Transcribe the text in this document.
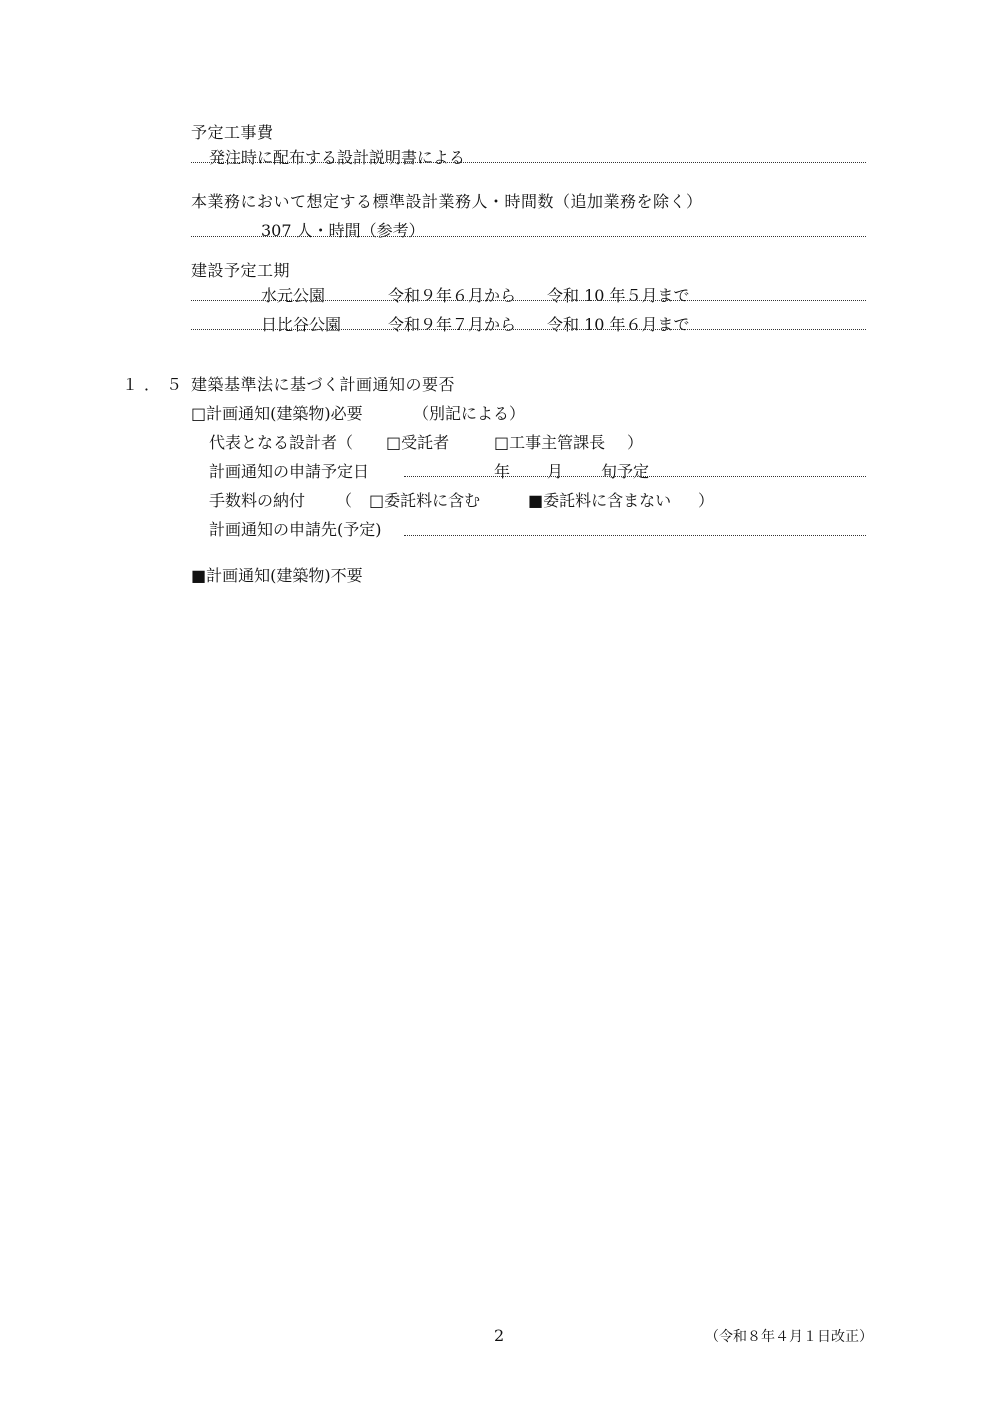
予定工事費
発注時に配布する設計説明書による
本業務において想定する標準設計業務人・時間数（追加業務を除く）
307 人・時間（参考）
建設予定工期
水元公園	令和９年６月から 令和 10 年５月まで
日比谷公園	令和９年７月から 令和 10 年６月まで
１．５ 建築基準法に基づく計画通知の要否
□計画通知(建築物)必要	（別記による）
代表となる設計者（ □受託者	□工事主管課長 ）
計画通知の申請予定日	年 月 旬予定
手数料の納付 （ □委託料に含む	■委託料に含まない ）
計画通知の申請先(予定)
■計画通知(建築物)不要
2	（令和８年４月１日改正）
